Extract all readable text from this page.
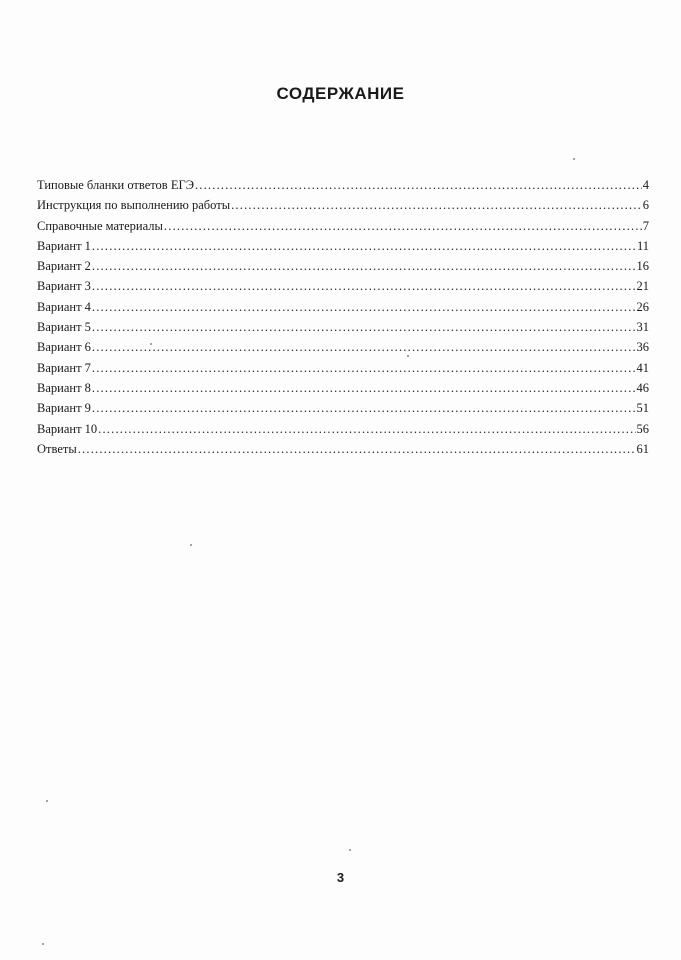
СОДЕРЖАНИЕ
Типовые бланки ответов ЕГЭ .....	4
Инструкция по выполнению работы .....	6
Справочные материалы .....	7
Вариант 1 .....	11
Вариант 2 .....	16
Вариант 3 .....	21
Вариант 4 .....	26
Вариант 5 .....	31
Вариант 6 .....	36
Вариант 7 .....	41
Вариант 8 .....	46
Вариант 9 .....	51
Вариант 10 .....	56
Ответы .....	61
3
